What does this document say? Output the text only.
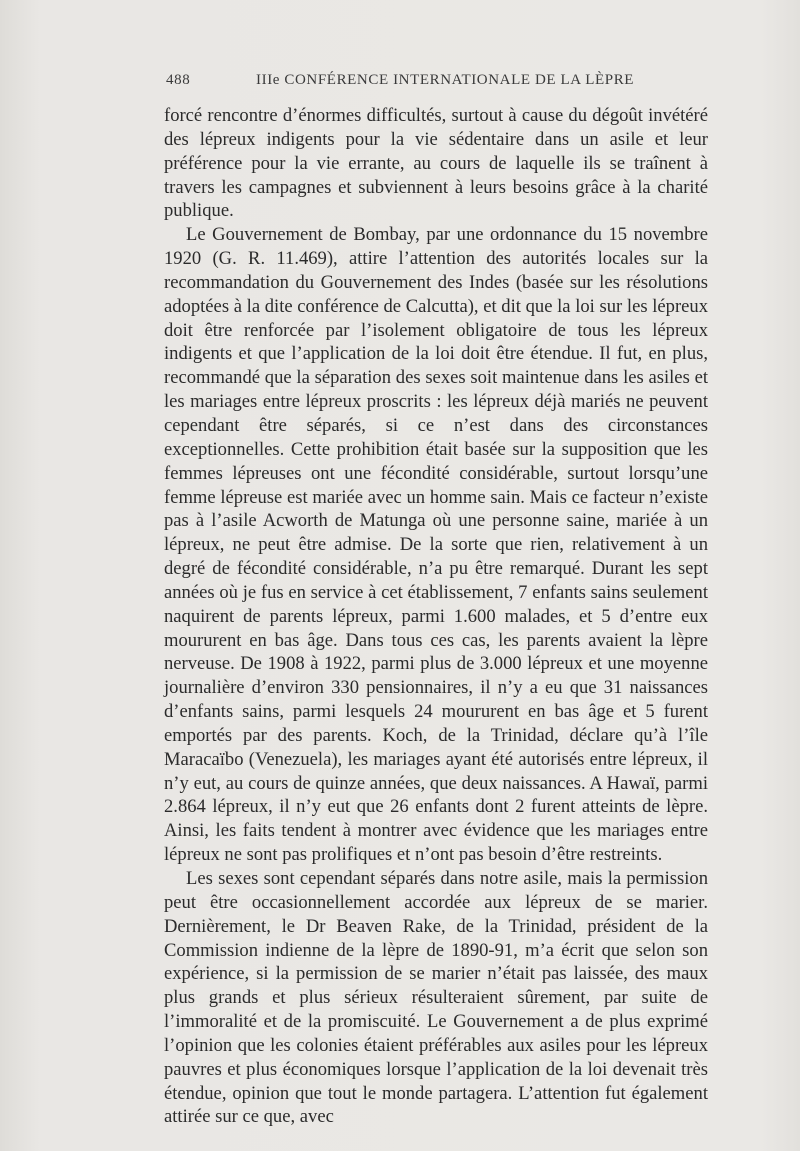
488	IIIe CONFÉRENCE INTERNATIONALE DE LA LÈPRE

forcé rencontre d’énormes difficultés, surtout à cause du dégoût invétéré des lépreux indigents pour la vie sédentaire dans un asile et leur préférence pour la vie errante, au cours de laquelle ils se traînent à travers les campagnes et subviennent à leurs besoins grâce à la charité publique.

Le Gouvernement de Bombay, par une ordonnance du 15 novembre 1920 (G. R. 11.469), attire l’attention des autorités locales sur la recommandation du Gouvernement des Indes (basée sur les résolutions adoptées à la dite conférence de Calcutta), et dit que la loi sur les lépreux doit être renforcée par l’isolement obligatoire de tous les lépreux indigents et que l’application de la loi doit être étendue. Il fut, en plus, recommandé que la séparation des sexes soit maintenue dans les asiles et les mariages entre lépreux proscrits : les lépreux déjà mariés ne peuvent cependant être séparés, si ce n’est dans des circonstances exceptionnelles. Cette prohibition était basée sur la supposition que les femmes lépreuses ont une fécondité considérable, surtout lorsqu’une femme lépreuse est mariée avec un homme sain. Mais ce facteur n’existe pas à l’asile Acworth de Matunga où une personne saine, mariée à un lépreux, ne peut être admise. De la sorte que rien, relativement à un degré de fécondité considérable, n’a pu être remarqué. Durant les sept années où je fus en service à cet établissement, 7 enfants sains seulement naquirent de parents lépreux, parmi 1.600 malades, et 5 d’entre eux moururent en bas âge. Dans tous ces cas, les parents avaient la lèpre nerveuse. De 1908 à 1922, parmi plus de 3.000 lépreux et une moyenne journalière d’environ 330 pensionnaires, il n’y a eu que 31 naissances d’enfants sains, parmi lesquels 24 moururent en bas âge et 5 furent emportés par des parents. Koch, de la Trinidad, déclare qu’à l’île Maracaïbo (Venezuela), les mariages ayant été autorisés entre lépreux, il n’y eut, au cours de quinze années, que deux naissances. A Hawaï, parmi 2.864 lépreux, il n’y eut que 26 enfants dont 2 furent atteints de lèpre. Ainsi, les faits tendent à montrer avec évidence que les mariages entre lépreux ne sont pas prolifiques et n’ont pas besoin d’être restreints.

Les sexes sont cependant séparés dans notre asile, mais la permission peut être occasionnellement accordée aux lépreux de se marier. Dernièrement, le Dr Beaven Rake, de la Trinidad, président de la Commission indienne de la lèpre de 1890-91, m’a écrit que selon son expérience, si la permission de se marier n’était pas laissée, des maux plus grands et plus sérieux résulteraient sûrement, par suite de l’immoralité et de la promiscuité. Le Gouvernement a de plus exprimé l’opinion que les colonies étaient préférables aux asiles pour les lépreux pauvres et plus économiques lorsque l’application de la loi devenait très étendue, opinion que tout le monde partagera. L’attention fut également attirée sur ce que, avec
